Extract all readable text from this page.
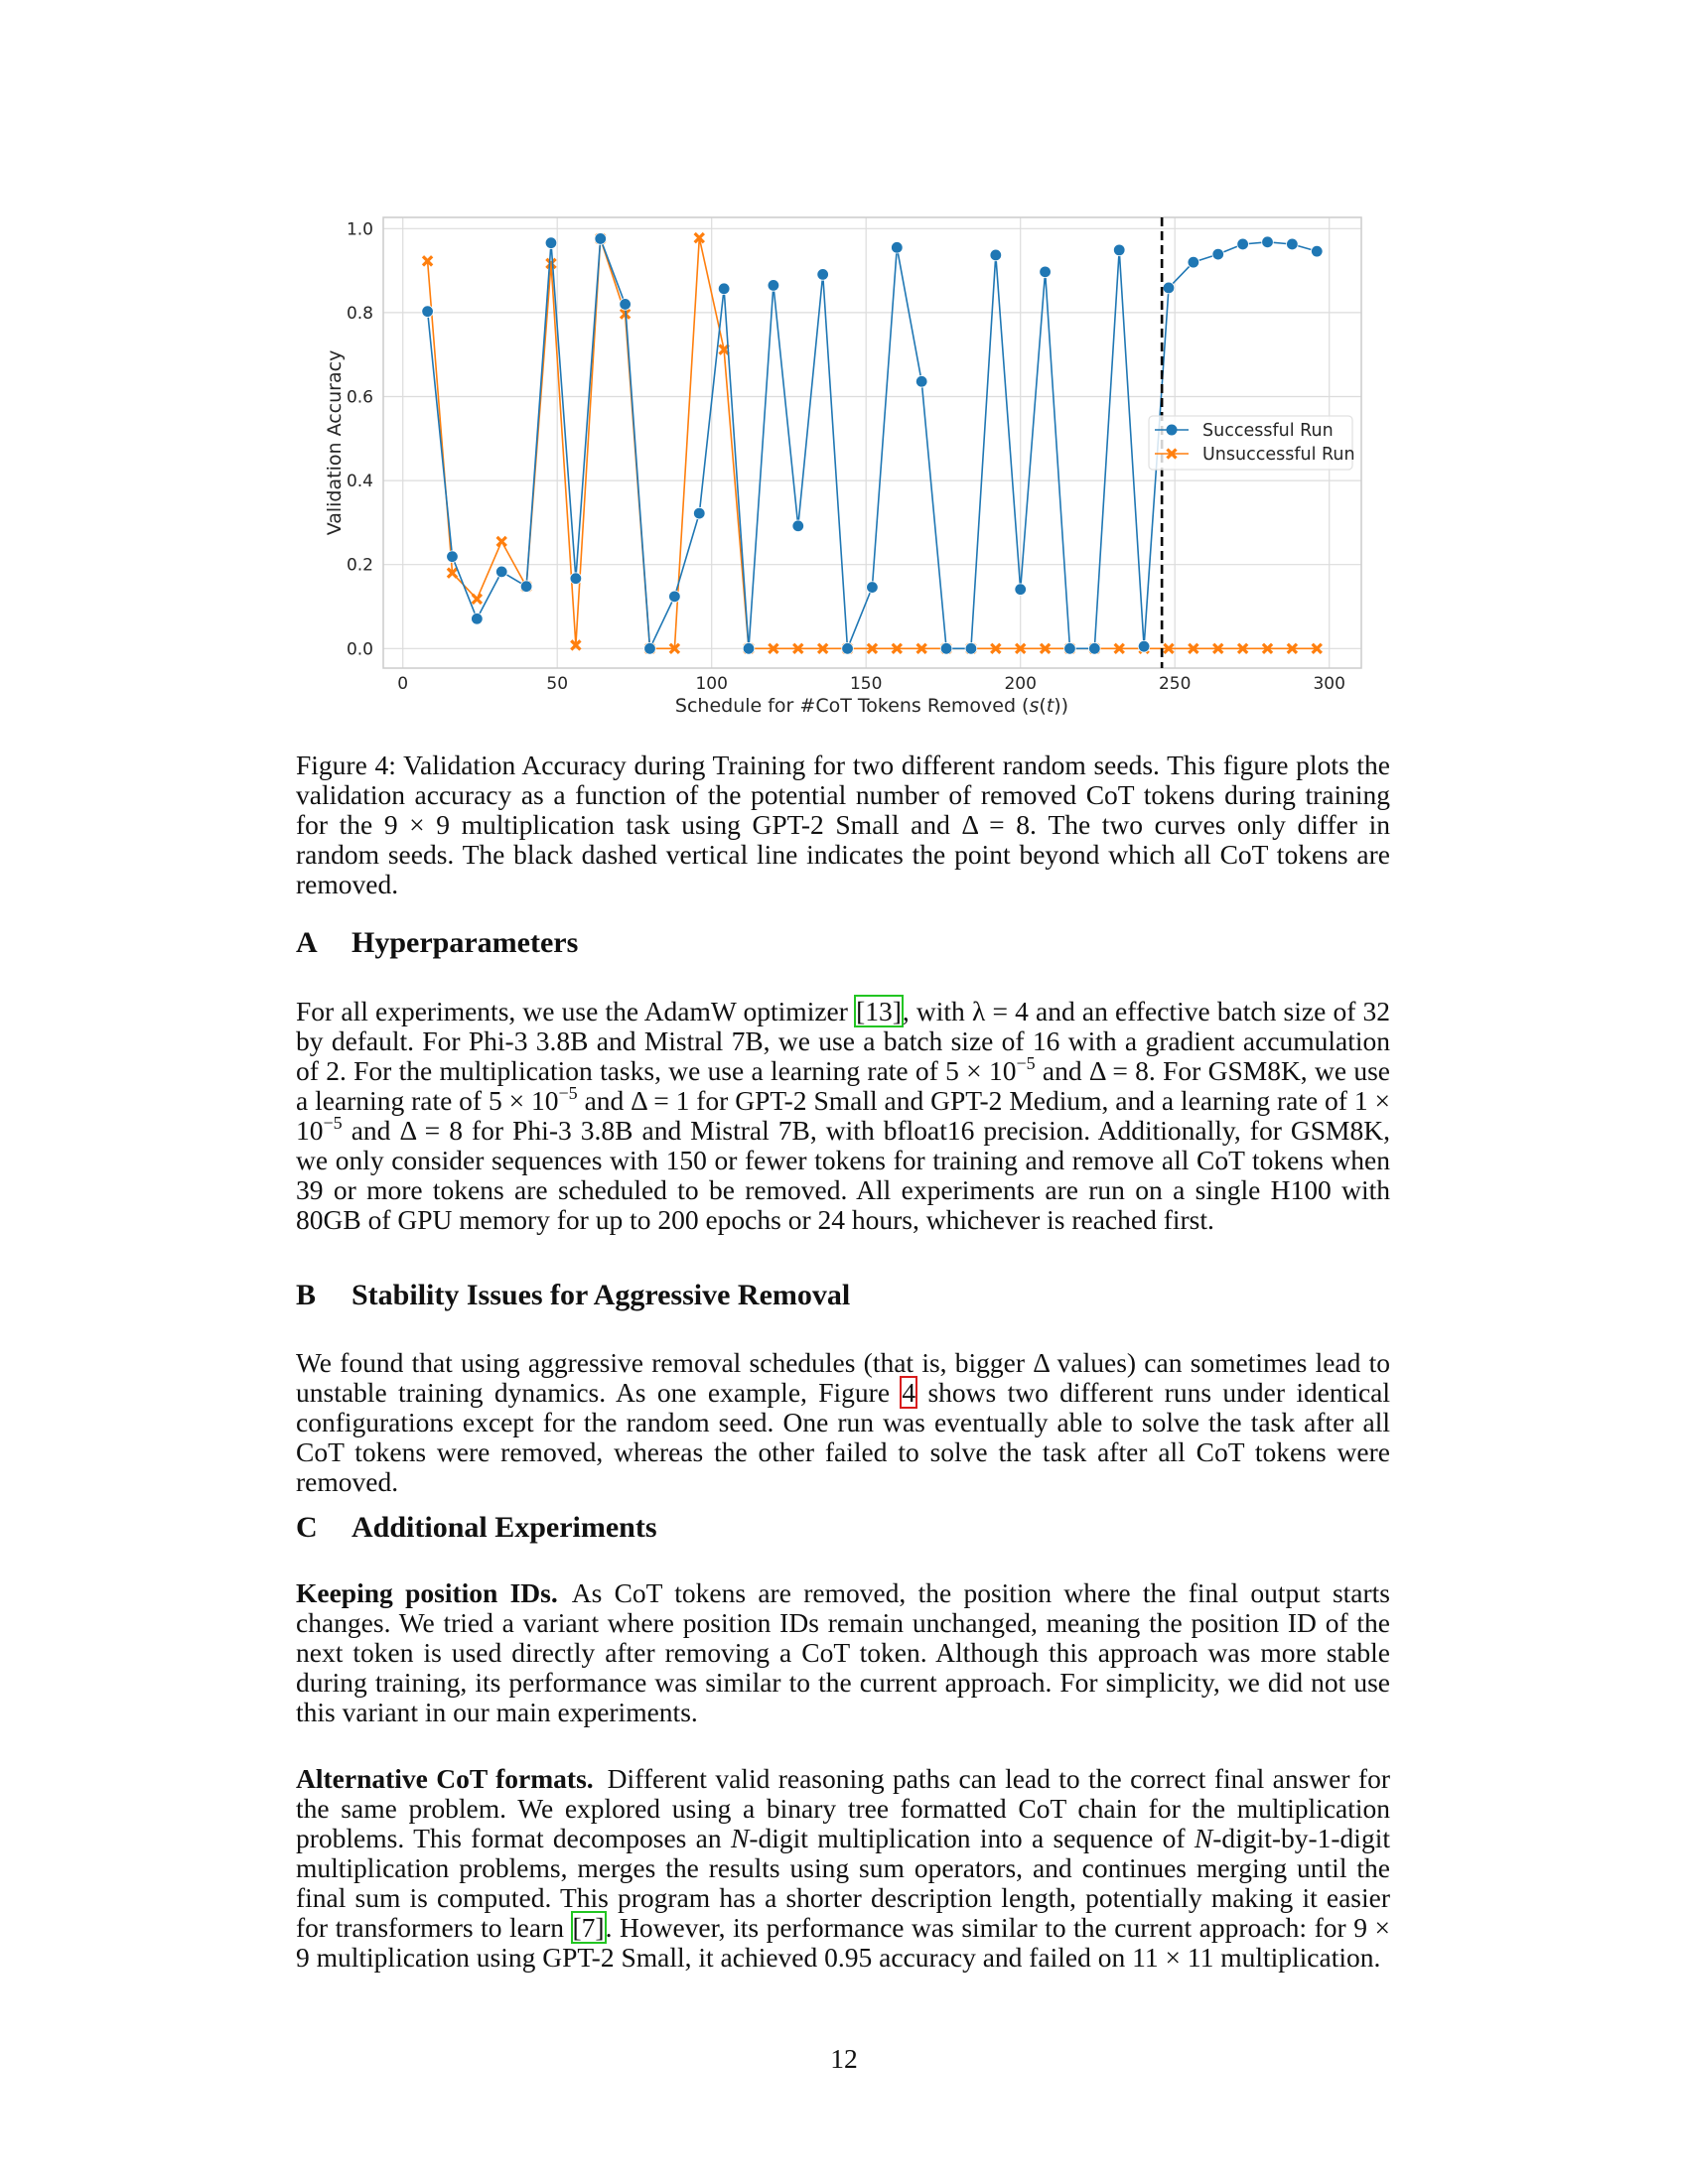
0.0
0.2
0.4
0.6
0.8
1.0
0	50	100	150	200	250	300
Validation Accuracy
Schedule for #CoT Tokens Removed (s(t))
Successful Run
Unsuccessful Run
Figure 4: Validation Accuracy during Training for two different random seeds. This figure plots the validation accuracy as a function of the potential number of removed CoT tokens during training for the 9 × 9 multiplication task using GPT-2 Small and Δ = 8. The two curves only differ in random seeds. The black dashed vertical line indicates the point beyond which all CoT tokens are removed.
A Hyperparameters
For all experiments, we use the AdamW optimizer [13], with λ = 4 and an effective batch size of 32 by default. For Phi-3 3.8B and Mistral 7B, we use a batch size of 16 with a gradient accumulation of 2. For the multiplication tasks, we use a learning rate of $5 \times 10^{-5}$ and Δ = 8. For GSM8K, we use a learning rate of $5 \times 10^{-5}$ and Δ = 1 for GPT-2 Small and GPT-2 Medium, and a learning rate of $1 \times 10^{-5}$ and Δ = 8 for Phi-3 3.8B and Mistral 7B, with bfloat16 precision. Additionally, for GSM8K, we only consider sequences with 150 or fewer tokens for training and remove all CoT tokens when 39 or more tokens are scheduled to be removed. All experiments are run on a single H100 with 80GB of GPU memory for up to 200 epochs or 24 hours, whichever is reached first.
B Stability Issues for Aggressive Removal
We found that using aggressive removal schedules (that is, bigger Δ values) can sometimes lead to unstable training dynamics. As one example, Figure 4 shows two different runs under identical configurations except for the random seed. One run was eventually able to solve the task after all CoT tokens were removed, whereas the other failed to solve the task after all CoT tokens were removed.
C Additional Experiments
Keeping position IDs. As CoT tokens are removed, the position where the final output starts changes. We tried a variant where position IDs remain unchanged, meaning the position ID of the next token is used directly after removing a CoT token. Although this approach was more stable during training, its performance was similar to the current approach. For simplicity, we did not use this variant in our main experiments.
Alternative CoT formats. Different valid reasoning paths can lead to the correct final answer for the same problem. We explored using a binary tree formatted CoT chain for the multiplication problems. This format decomposes an N-digit multiplication into a sequence of N-digit-by-1-digit multiplication problems, merges the results using sum operators, and continues merging until the final sum is computed. This program has a shorter description length, potentially making it easier for transformers to learn [7]. However, its performance was similar to the current approach: for 9 × 9 multiplication using GPT-2 Small, it achieved 0.95 accuracy and failed on 11 × 11 multiplication.
12
